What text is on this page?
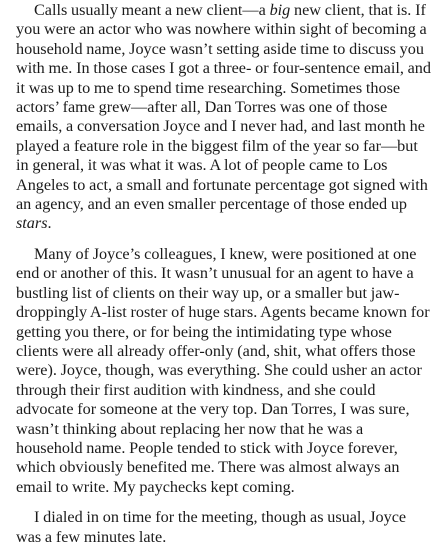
Calls usually meant a new client—a big new client, that is. If you were an actor who was nowhere within sight of becoming a household name, Joyce wasn’t setting aside time to discuss you with me. In those cases I got a three- or four-sentence email, and it was up to me to spend time researching. Sometimes those actors’ fame grew—after all, Dan Torres was one of those emails, a conversation Joyce and I never had, and last month he played a feature role in the biggest film of the year so far—but in general, it was what it was. A lot of people came to Los Angeles to act, a small and fortunate percentage got signed with an agency, and an even smaller percentage of those ended up stars.

Many of Joyce’s colleagues, I knew, were positioned at one end or another of this. It wasn’t unusual for an agent to have a bustling list of clients on their way up, or a smaller but jaw-droppingly A-list roster of huge stars. Agents became known for getting you there, or for being the intimidating type whose clients were all already offer-only (and, shit, what offers those were). Joyce, though, was everything. She could usher an actor through their first audition with kindness, and she could advocate for someone at the very top. Dan Torres, I was sure, wasn’t thinking about replacing her now that he was a household name. People tended to stick with Joyce forever, which obviously benefited me. There was almost always an email to write. My paychecks kept coming.

I dialed in on time for the meeting, though as usual, Joyce was a few minutes late.
